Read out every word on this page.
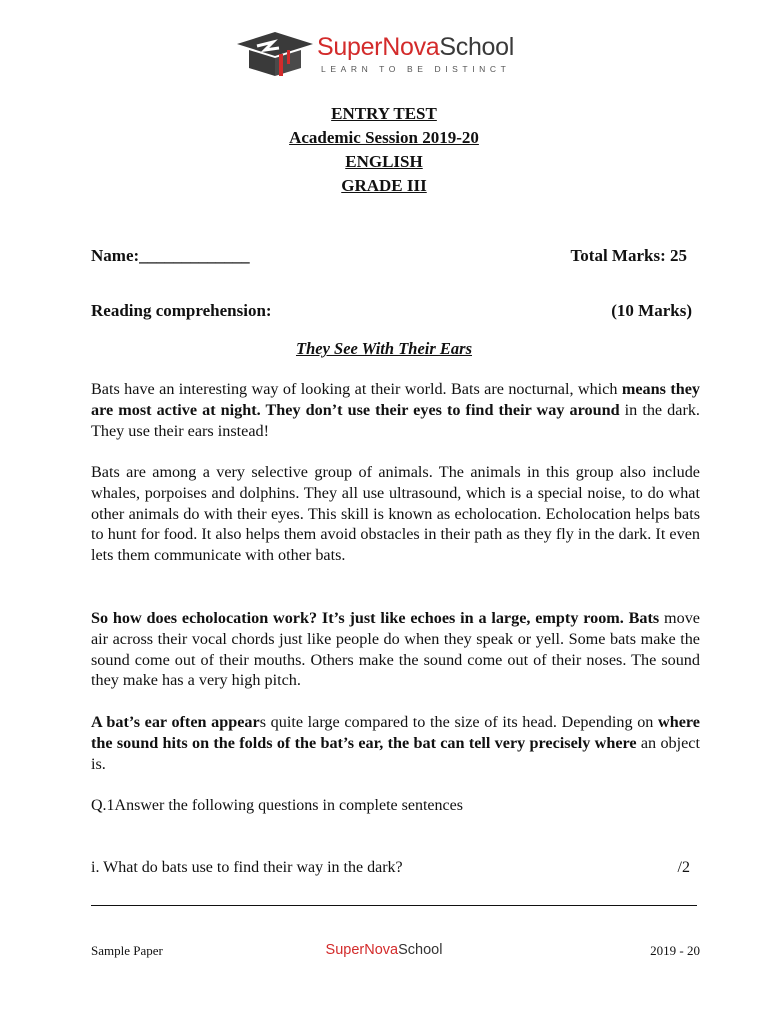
SuperNovaSchool
LEARN TO BE DISTINCT
ENTRY TEST
Academic Session 2019-20
ENGLISH
GRADE III
Name:_____________	Total Marks: 25
Reading comprehension:	(10 Marks)
They See With Their Ears

Bats have an interesting way of looking at their world. Bats are nocturnal, which means they are most active at night. They don’t use their eyes to find their way around in the dark. They use their ears instead!

Bats are among a very selective group of animals. The animals in this group also include whales, porpoises and dolphins. They all use ultrasound, which is a special noise, to do what other animals do with their eyes. This skill is known as echolocation. Echolocation helps bats to hunt for food. It also helps them avoid obstacles in their path as they fly in the dark. It even lets them communicate with other bats.

So how does echolocation work? It’s just like echoes in a large, empty room. Bats move air across their vocal chords just like people do when they speak or yell. Some bats make the sound come out of their mouths. Others make the sound come out of their noses. The sound they make has a very high pitch.

A bat’s ear often appears quite large compared to the size of its head. Depending on where the sound hits on the folds of the bat’s ear, the bat can tell very precisely where an object is.

Q.1Answer the following questions in complete sentences
i. What do bats use to find their way in the dark?	/2
Sample Paper	SuperNovaSchool	2019 - 20
